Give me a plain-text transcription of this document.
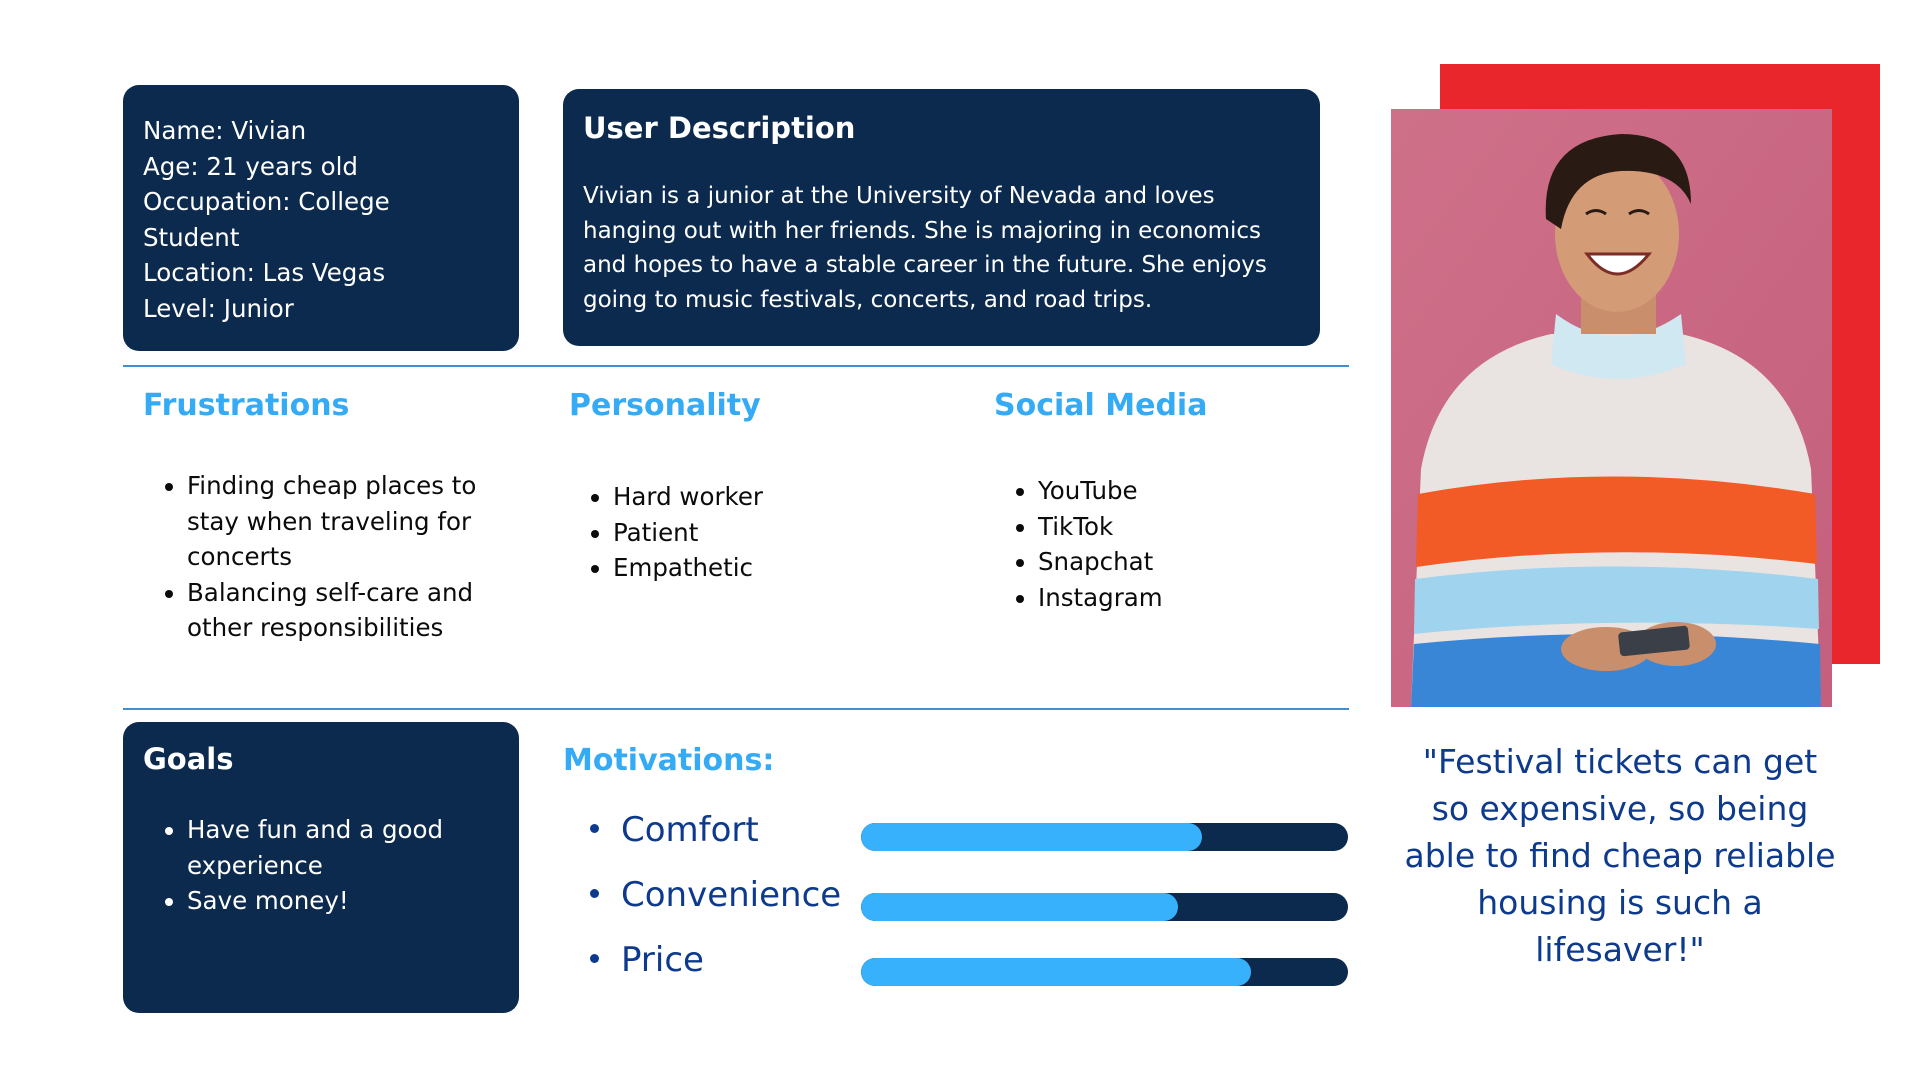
Name: Vivian
Age: 21 years old
Occupation: College Student
Location: Las Vegas
Level: Junior
User Description

Vivian is a junior at the University of Nevada and loves hanging out with her friends. She is majoring in economics and hopes to have a stable career in the future. She enjoys going to music festivals, concerts, and road trips.

Frustrations
• Finding cheap places to stay when traveling for concerts
• Balancing self-care and other responsibilities
Personality
• Hard worker
• Patient
• Empathetic
Social Media
• YouTube
• TikTok
• Snapchat
• Instagram
Goals
• Have fun and a good experience
• Save money!
Motivations:
Comfort
Convenience
Price
"Festival tickets can get so expensive, so being able to find cheap reliable housing is such a lifesaver!"
